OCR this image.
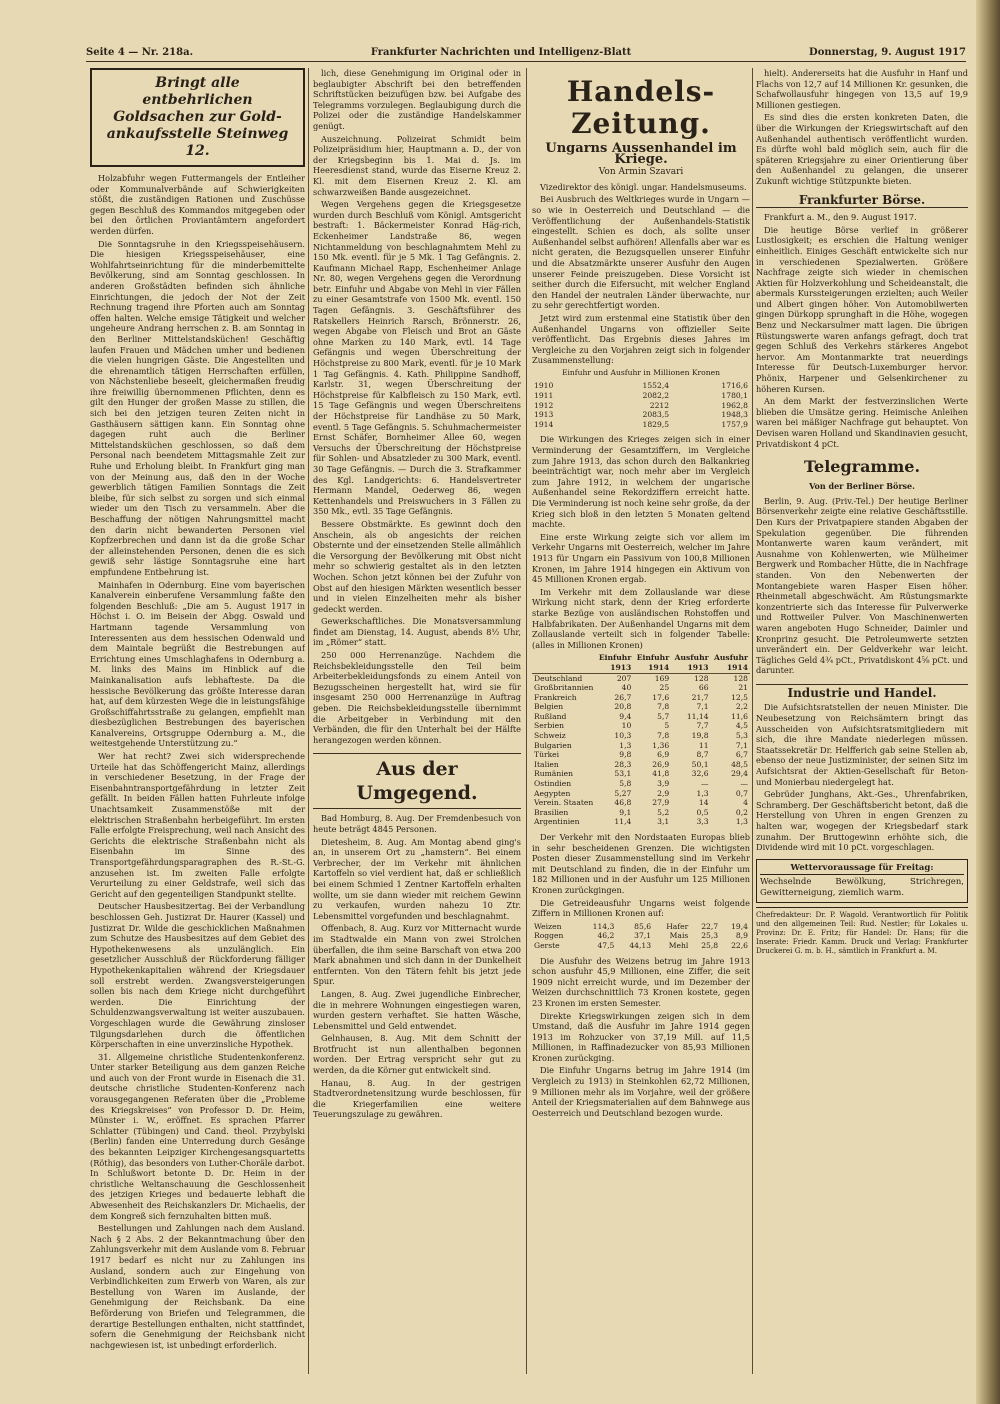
Seite 4 — Nr. 218a.	Frankfurter Nachrichten und Intelligenz-Blatt	Donnerstag, 9. August 1917
Bringt alle entbehrlichen
Goldsachen zur Gold-
ankaufsstelle Steinweg 12.

Holzabfuhr wegen Futtermangels der Entleiher oder Kommunalverbände auf Schwierigkeiten stößt, die zuständigen Rationen und Zuschüsse gegen Beschluß des Kommandos mitgegeben oder bei den örtlichen Proviantämtern angefordert werden dürfen.

Die Sonntagsruhe in den Kriegsspeisehäusern. Die hiesigen Kriegsspeisehäuser, eine Wohlfahrtseinrichtung für die minderbemittelte Bevölkerung, sind am Sonntag geschlossen. In anderen Großstädten befinden sich ähnliche Einrichtungen, die jedoch der Not der Zeit Rechnung tragend ihre Pforten auch am Sonntag offen halten. Welche emsige Tätigkeit und welcher ungeheure Andrang herrschen z. B. am Sonntag in den Berliner Mittelstandsküchen! Geschäftig laufen Frauen und Mädchen umher und bedienen die vielen hungrigen Gäste. Die Angestellten und die ehrenamtlich tätigen Herrschaften erfüllen, von Nächstenliebe beseelt, gleichermaßen freudig ihre freiwillig übernommenen Pflichten, denn es gilt den Hunger der großen Masse zu stillen, die sich bei den jetzigen teuren Zeiten nicht in Gasthäusern sättigen kann. Ein Sonntag ohne dagegen ruht auch die Berliner Mittelstandsküchen geschlossen, so daß dem Personal nach beendetem Mittagsmahle Zeit zur Ruhe und Erholung bleibt. In Frankfurt ging man von der Meinung aus, daß den in der Woche gewerblich tätigen Familien Sonntags die Zeit bleibe, für sich selbst zu sorgen und sich einmal wieder um den Tisch zu versammeln. Aber die Beschaffung der nötigen Nahrungsmittel macht den darin nicht bewanderten Personen viel Kopfzerbrechen und dann ist da die große Schar der alleinstehenden Personen, denen die es sich gewiß sehr lästige Sonntagsruhe eine hart empfundene Entbehrung ist.

Mainhafen in Odernburg. Eine vom bayerischen Kanalverein einberufene Versammlung faßte den folgenden Beschluß: „Die am 5. August 1917 in Höchst i. O. im Beisein der Abgg. Oswald und Hartmann tagende Versammlung von Interessenten aus dem hessischen Odenwald und dem Maintale begrüßt die Bestrebungen auf Errichtung eines Umschlaghafens in Odernburg a. M. links des Mains im Hinblick auf die Mainkanalisation aufs lebhafteste. Da die hessische Bevölkerung das größte Interesse daran hat, auf dem kürzesten Wege die in leistungsfähige Großschiffahrtsstraße zu gelangen, empfiehlt man diesbezüglichen Bestrebungen des bayerischen Kanalvereins, Ortsgruppe Odernburg a. M., die weitestgehende Unterstützung zu.“

Wer hat recht? Zwei sich widersprechende Urteile hat das Schöffengericht Mainz, allerdings in verschiedener Besetzung, in der Frage der Eisenbahntransportgefährdung in letzter Zeit gefällt. In beiden Fällen hatten Fuhrleute infolge Unachtsamkeit Zusammenstöße mit der elektrischen Straßenbahn herbeigeführt. Im ersten Falle erfolgte Freisprechung, weil nach Ansicht des Gerichts die elektrische Straßenbahn nicht als Eisenbahn im Sinne des Transportgefährdungsparagraphen des R.-St.-G. anzusehen ist. Im zweiten Falle erfolgte Verurteilung zu einer Geldstrafe, weil sich das Gericht auf den gegenteiligen Standpunkt stellte.

Deutscher Hausbesitzertag. Bei der Verbandlung beschlossen Geh. Justizrat Dr. Haurer (Kassel) und Justizrat Dr. Wilde die geschicklichen Maßnahmen zum Schutze des Hausbesitzes auf dem Gebiet des Hypothekenwesens als unzulänglich. Ein gesetzlicher Ausschluß der Rückforderung fälliger Hypothekenkapitalien während der Kriegsdauer soll erstrebt werden. Zwangsversteigerungen sollen bis nach dem Kriege nicht durchgeführt werden. Die Einrichtung der Schuldenzwangsverwaltung ist weiter auszubauen. Vorgeschlagen wurde die Gewährung zinsloser Tilgungsdarlehen durch die öffentlichen Körperschaften in eine unverzinsliche Hypothek.

31. Allgemeine christliche Studentenkonferenz. Unter starker Beteiligung aus dem ganzen Reiche und auch von der Front wurde in Eisenach die 31. deutsche christliche Studenten-Konferenz nach vorausgegangenen Referaten über die „Probleme des Kriegskreises“ von Professor D. Dr. Heim, Münster i. W., eröffnet. Es sprachen Pfarrer Schlatter (Tübingen) und Cand. theol. Przybylski (Berlin) fanden eine Unterredung durch Gesänge des bekannten Leipziger Kirchengesangsquartetts (Röthig), das besonders von Luther-Choräle darbot. In Schlußwort betonte D. Dr. Heim in der christliche Weltanschauung die Geschlossenheit des jetzigen Krieges und bedauerte lebhaft die Abwesenheit des Reichskanzlers Dr. Michaelis, der dem Kongreß sich fernzuhalten bitten muß.

Bestellungen und Zahlungen nach dem Ausland. Nach § 2 Abs. 2 der Bekanntmachung über den Zahlungsverkehr mit dem Auslande vom 8. Februar 1917 bedarf es nicht nur zu Zahlungen ins Ausland, sondern auch zur Eingehung von Verbindlichkeiten zum Erwerb von Waren, als zur Bestellung von Waren im Auslande, der Genehmigung der Reichsbank. Da eine Beförderung von Briefen und Telegrammen, die derartige Bestellungen enthalten, nicht stattfindet, sofern die Genehmigung der Reichsbank nicht nachgewiesen ist, ist unbedingt erforderlich.

lich, diese Genehmigung im Original oder in beglaubigter Abschrift bei den betreffenden Schriftstücken beizufügen bzw. bei Aufgabe des Telegramms vorzulegen. Beglaubigung durch die Polizei oder die zuständige Handelskammer genügt.

Auszeichnung. Polizeirat Schmidt beim Polizeipräsidium hier, Hauptmann a. D., der von der Kriegsbeginn bis 1. Mai d. Js. im Heeresdienst stand, wurde das Eiserne Kreuz 2. Kl. mit dem Eisernen Kreuz 2. Kl. am schwarzweißen Bande ausgezeichnet.

Wegen Vergehens gegen die Kriegsgesetze wurden durch Beschluß vom Königl. Amtsgericht bestraft: 1. Bäckermeister Konrad Häg-rich, Eckenheimer Landstraße 86, wegen Nichtanmeldung von beschlagnahmtem Mehl zu 150 Mk. eventl. für je 5 Mk. 1 Tag Gefängnis. 2. Kaufmann Michael Rapp, Eschenheimer Anlage Nr. 80, wegen Vergehens gegen die Verordnung betr. Einfuhr und Abgabe von Mehl in vier Fällen zu einer Gesamtstrafe von 1500 Mk. eventl. 150 Tagen Gefängnis. 3. Geschäftsführer des Ratskellers Heinrich Rarsch, Brönnerstr. 26, wegen Abgabe von Fleisch und Brot an Gäste ohne Marken zu 140 Mark, evtl. 14 Tage Gefängnis und wegen Überschreitung der Höchstpreise zu 800 Mark, eventl. für je 10 Mark 1 Tag Gefängnis. 4. Kath. Philippine Sandhoff, Karlstr. 31, wegen Überschreitung der Höchstpreise für Kalbfleisch zu 150 Mark, evtl. 15 Tage Gefängnis und wegen Überschreitens der Höchstpreise für Landhäse zu 50 Mark, eventl. 5 Tage Gefängnis. 5. Schuhmachermeister Ernst Schäfer, Bornheimer Allee 60, wegen Versuchs der Überschreitung der Höchstpreise für Sohlen- und Absatzleder zu 300 Mark, eventl. 30 Tage Gefängnis. — Durch die 3. Strafkammer des Kgl. Landgerichts: 6. Handelsvertreter Hermann Mandel, Oederweg 86, wegen Kettenhandels und Preiswuchers in 3 Fällen zu 350 Mk., evtl. 35 Tage Gefängnis.

Bessere Obstmärkte. Es gewinnt doch den Anschein, als ob angesichts der reichen Obsternte und der einsetzenden Stelle allmählich die Versorgung der Bevölkerung mit Obst nicht mehr so schwierig gestaltet als in den letzten Wochen. Schon jetzt können bei der Zufuhr von Obst auf den hiesigen Märkten wesentlich besser und in vielen Einzelheiten mehr als bisher gedeckt werden.

Gewerkschaftliches. Die Monatsversammlung findet am Dienstag, 14. August, abends 8½ Uhr, im „Römer“ statt.

250 000 Herrenanzüge. Nachdem die Reichsbekleidungsstelle den Teil beim Arbeiterbekleidungsfonds zu einem Anteil von Bezugsscheinen hergestellt hat, wird sie für insgesamt 250 000 Herrenanzüge in Auftrag geben. Die Reichsbekleidungsstelle übernimmt die Arbeitgeber in Verbindung mit den Verbänden, die für den Unterhalt bei der Hälfte herangezogen werden können.

Aus der Umgegend.

Bad Homburg, 8. Aug. Der Fremdenbesuch von heute beträgt 4845 Personen.

Dietesheim, 8. Aug. Am Montag abend ging's an, in unserem Ort zu „hamstern“. Bei einem Verbrecher, der im Verkehr mit ähnlichen Kartoffeln so viel verdient hat, daß er schließlich bei einem Schmied 1 Zentner Kartoffeln erhalten wollte, um sie dann wieder mit reichem Gewinn zu verkaufen, wurden nahezu 10 Ztr. Lebensmittel vorgefunden und beschlagnahmt.

Offenbach, 8. Aug. Kurz vor Mitternacht wurde im Stadtwalde ein Mann von zwei Strolchen überfallen, die ihm seine Barschaft von etwa 200 Mark abnahmen und sich dann in der Dunkelheit entfernten. Von den Tätern fehlt bis jetzt jede Spur.

Langen, 8. Aug. Zwei jugendliche Einbrecher, die in mehrere Wohnungen eingestiegen waren, wurden gestern verhaftet. Sie hatten Wäsche, Lebensmittel und Geld entwendet.

Gelnhausen, 8. Aug. Mit dem Schnitt der Brotfrucht ist nun allenthalben begonnen worden. Der Ertrag verspricht sehr gut zu werden, da die Körner gut entwickelt sind.

Hanau, 8. Aug. In der gestrigen Stadtverordnetensitzung wurde beschlossen, für die Kriegerfamilien eine weitere Teuerungszulage zu gewähren.

Handels-Zeitung.
Ungarns Aussenhandel im Kriege.
Von Armin Szavari

Vizedirektor des königl. ungar. Handelsmuseums.

Bei Ausbruch des Weltkrieges wurde in Ungarn — so wie in Oesterreich und Deutschland — die Veröffentlichung der Außenhandels-Statistik eingestellt. Schien es doch, als sollte unser Außenhandel selbst aufhören! Allenfalls aber war es nicht geraten, die Bezugsquellen unserer Einfuhr und die Absatzmärkte unserer Ausfuhr den Augen unserer Feinde preiszugeben. Diese Vorsicht ist seither durch die Eifersucht, mit welcher England den Handel der neutralen Länder überwachte, nur zu sehr gerechtfertigt worden.

Jetzt wird zum erstenmal eine Statistik über den Außenhandel Ungarns von offizieller Seite veröffentlicht. Das Ergebnis dieses Jahres im Vergleiche zu den Vorjahren zeigt sich in folgender Zusammenstellung:

Einfuhr und Ausfuhr in Millionen Kronen
1910	1552,4	1716,6
1911	2082,2	1780,1
1912	2212	1962,8
1913	2083,5	1948,3
1914	1829,5	1757,9

Die Wirkungen des Krieges zeigen sich in einer Verminderung der Gesamtziffern, im Vergleiche zum Jahre 1913, das schon durch den Balkankrieg beeinträchtigt war, noch mehr aber im Vergleich zum Jahre 1912, in welchem der ungarische Außenhandel seine Rekordziffern erreicht hatte. Die Verminderung ist noch keine sehr große, da der Krieg sich bloß in den letzten 5 Monaten geltend machte.

Eine erste Wirkung zeigte sich vor allem im Verkehr Ungarns mit Oesterreich, welcher im Jahre 1913 für Ungarn ein Passivum von 100,8 Millionen Kronen, im Jahre 1914 hingegen ein Aktivum von 45 Millionen Kronen ergab.

Im Verkehr mit dem Zollauslande war diese Wirkung nicht stark, denn der Krieg erforderte starke Bezüge von ausländischen Rohstoffen und Halbfabrikaten. Der Außenhandel Ungarns mit dem Zollauslande verteilt sich in folgender Tabelle: (alles in Millionen Kronen)

	Einfuhr 1913	Einfuhr 1914	Ausfuhr 1913	Ausfuhr 1914
Deutschland	207	169	128	128
Großbritannien	40	25	66	21
Frankreich	26,7	17,6	21,7	12,5
Belgien	20,8	7,8	7,1	2,2
Rußland	9,4	5,7	11,14	11,6
Serbien	10	5	7,7	4,5
Schweiz	10,3	7,8	19,8	5,3
Bulgarien	1,3	1,36	11	7,1
Türkei	9,8	6,9	8,7	6,7
Italien	28,3	26,9	50,1	48,5
Rumänien	53,1	41,8	32,6	29,4
Ostindien	5,8	3,9	—	—
Aegypten	5,27	2,9	1,3	0,7
Verein. Staaten	46,8	27,9	14	4
Brasilien	9,1	5,2	0,5	0,2
Argentinien	11,4	3,1	3,3	1,3

Der Verkehr mit den Nordstaaten Europas blieb in sehr bescheidenen Grenzen. Die wichtigsten Posten dieser Zusammenstellung sind im Verkehr mit Deutschland zu finden, die in der Einfuhr um 182 Millionen und in der Ausfuhr um 125 Millionen Kronen zurückgingen.

Die Getreideausfuhr Ungarns weist folgende Ziffern in Millionen Kronen auf:

Weizen	114,3	85,6	Hafer	22,7	19,4
Roggen	46,2	37,1	Mais	25,3	8,9
Gerste	47,5	44,13	Mehl	25,8	22,6

Die Ausfuhr des Weizens betrug im Jahre 1913 schon ausfuhr 45,9 Millionen, eine Ziffer, die seit 1909 nicht erreicht wurde, und im Dezember der Weizen durchschnittlich 73 Kronen kostete, gegen 23 Kronen im ersten Semester.

Direkte Kriegswirkungen zeigen sich in dem Umstand, daß die Ausfuhr im Jahre 1914 gegen 1913 im Rohzucker von 37,19 Mill. auf 11,5 Millionen, in Raffinadezucker von 85,93 Millionen Kronen zurückging.

Die Einfuhr Ungarns betrug im Jahre 1914 (im Vergleich zu 1913) in Steinkohlen 62,72 Millionen, 9 Millionen mehr als im Vorjahre, weil der größere Anteil der Kriegsmaterialien auf dem Bahnwege aus Oesterreich und Deutschland bezogen wurde.

hielt). Andererseits hat die Ausfuhr in Hanf und Flachs von 12,7 auf 14 Millionen Kr. gesunken, die Schafwollausfuhr hingegen von 13,5 auf 19,9 Millionen gestiegen.

Es sind dies die ersten konkreten Daten, die über die Wirkungen der Kriegswirtschaft auf den Außenhandel authentisch veröffentlicht wurden. Es dürfte wohl bald möglich sein, auch für die späteren Kriegsjahre zu einer Orientierung über den Außenhandel zu gelangen, die unserer Zukunft wichtige Stützpunkte bieten.

Frankfurter Börse.

Frankfurt a. M., den 9. August 1917.

Die heutige Börse verlief in größerer Lustlosigkeit; es erschien die Haltung weniger einheitlich. Einiges Geschäft entwickelte sich nur in verschiedenen Spezialwerten. Größere Nachfrage zeigte sich wieder in chemischen Aktien für Holzverkohlung und Scheideanstalt, die abermals Kurssteigerungen erzielten; auch Weiler und Albert gingen höher. Von Automobilwerten gingen Dürkopp sprunghaft in die Höhe, wogegen Benz und Neckarsulmer matt lagen. Die übrigen Rüstungswerte waren anfangs gefragt, doch trat gegen Schluß des Verkehrs stärkeres Angebot hervor. Am Montanmarkte trat neuerdings Interesse für Deutsch-Luxemburger hervor. Phönix, Harpener und Gelsenkirchener zu höheren Kursen.

An dem Markt der festverzinslichen Werte blieben die Umsätze gering. Heimische Anleihen waren bei mäßiger Nachfrage gut behauptet. Von Devisen waren Holland und Skandinavien gesucht, Privatdiskont 4 pCt.

Telegramme.
Von der Berliner Börse.

Berlin, 9. Aug. (Priv.-Tel.) Der heutige Berliner Börsenverkehr zeigte eine relative Geschäftsstille. Den Kurs der Privatpapiere standen Abgaben der Spekulation gegenüber. Die führenden Montanwerte waren kaum verändert, mit Ausnahme von Kohlenwerten, wie Mülheimer Bergwerk und Rombacher Hütte, die in Nachfrage standen. Von den Nebenwerten der Montangebiete waren Hasper Eisen höher. Rheinmetall abgeschwächt. Am Rüstungsmarkte konzentrierte sich das Interesse für Pulverwerke und Rottweiler Pulver. Von Maschinenwerten waren angeboten Hugo Schneider, Daimler und Kronprinz gesucht. Die Petroleumwerte setzten unverändert ein. Der Geldverkehr war leicht. Tägliches Geld 4¾ pCt., Privatdiskont 4⅝ pCt. und darunter.

Industrie und Handel.

Die Aufsichtsratstellen der neuen Minister. Die Neubesetzung von Reichsämtern bringt das Ausscheiden von Aufsichtsratsmitgliedern mit sich, die ihre Mandate niederlegen müssen. Staatssekretär Dr. Helfferich gab seine Stellen ab, ebenso der neue Justizminister, der seinen Sitz im Aufsichtsrat der Aktien-Gesellschaft für Beton- und Monierbau niedergelegt hat.

Gebrüder Junghans, Akt.-Ges., Uhrenfabriken, Schramberg. Der Geschäftsbericht betont, daß die Herstellung von Uhren in engen Grenzen zu halten war, wogegen der Kriegsbedarf stark zunahm. Der Bruttogewinn erhöhte sich, die Dividende wird mit 10 pCt. vorgeschlagen.

Wettervoraussage für Freitag:
Wechselnde Bewölkung, Strichregen, Gewitterneigung, ziemlich warm.
Chefredakteur: Dr. P. Wagold. Verantwortlich für Politik und den allgemeinen Teil: Rud. Nestler; für Lokales u. Provinz: Dr. E. Fritz; für Handel: Dr. Hans; für die Inserate: Friedr. Kamm. Druck und Verlag: Frankfurter Druckerei G. m. b. H., sämtlich in Frankfurt a. M.
